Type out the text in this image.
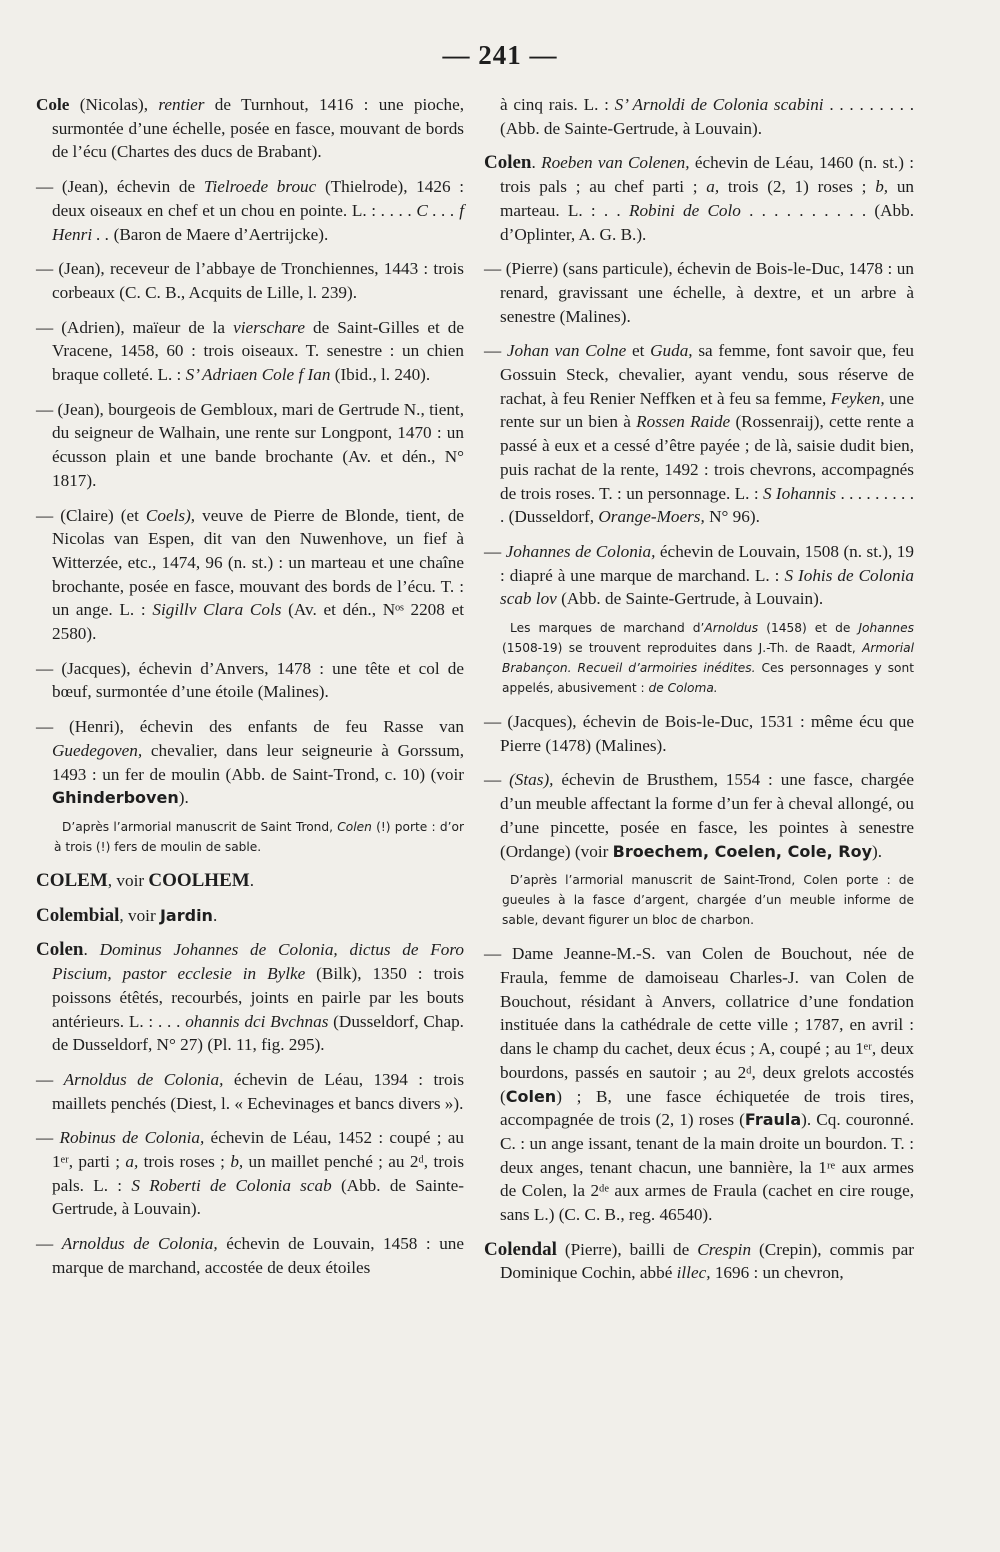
— 241 —
Cole (Nicolas), rentier de Turnhout, 1416 : une pioche, surmontée d’une échelle, posée en fasce, mouvant de bords de l’écu (Chartes des ducs de Brabant).
— (Jean), échevin de Tielroede brouc (Thielrode), 1426 : deux oiseaux en chef et un chou en pointe. L. : . . . . C . . . f Henri . . (Baron de Maere d’Aertrijcke).
— (Jean), receveur de l’abbaye de Tronchiennes, 1443 : trois corbeaux (C. C. B., Acquits de Lille, l. 239).
— (Adrien), maïeur de la vierschare de Saint-Gilles et de Vracene, 1458, 60 : trois oiseaux. T. senestre : un chien braque colleté. L. : S’ Adriaen Cole f Ian (Ibid., l. 240).
— (Jean), bourgeois de Gembloux, mari de Gertrude N., tient, du seigneur de Walhain, une rente sur Longpont, 1470 : un écusson plain et une bande brochante (Av. et dén., N° 1817).
— (Claire) (et Coels), veuve de Pierre de Blonde, tient, de Nicolas van Espen, dit van den Nuwenhove, un fief à Witterzée, etc., 1474, 96 (n. st.) : un marteau et une chaîne brochante, posée en fasce, mouvant des bords de l’écu. T. : un ange. L. : Sigillv Clara Cols (Av. et dén., Nᵒˢ 2208 et 2580).
— (Jacques), échevin d’Anvers, 1478 : une tête et col de bœuf, surmontée d’une étoile (Malines).
— (Henri), échevin des enfants de feu Rasse van Guedegoven, chevalier, dans leur seigneurie à Gorssum, 1493 : un fer de moulin (Abb. de Saint-Trond, c. 10) (voir Ghinderboven).
D’après l’armorial manuscrit de Saint Trond, Colen (!) porte : d’or à trois (!) fers de moulin de sable.
COLEM, voir COOLHEM.
Colembial, voir Jardin.
Colen. Dominus Johannes de Colonia, dictus de Foro Piscium, pastor ecclesie in Bylke (Bilk), 1350 : trois poissons étêtés, recourbés, joints en pairle par les bouts antérieurs. L. : . . . ohannis dci Bvchnas (Dusseldorf, Chap. de Dusseldorf, N° 27) (Pl. 11, fig. 295).
— Arnoldus de Colonia, échevin de Léau, 1394 : trois maillets penchés (Diest, l. « Echevinages et bancs divers »).
— Robinus de Colonia, échevin de Léau, 1452 : coupé ; au 1ᵉʳ, parti ; a, trois roses ; b, un maillet penché ; au 2ᵈ, trois pals. L. : S Roberti de Colonia scab (Abb. de Sainte-Gertrude, à Louvain).
— Arnoldus de Colonia, échevin de Louvain, 1458 : une marque de marchand, accostée de deux étoiles
à cinq rais. L. : S’ Arnoldi de Colonia scabini . . . . . . . . . (Abb. de Sainte-Gertrude, à Louvain).
Colen. Roeben van Colenen, échevin de Léau, 1460 (n. st.) : trois pals ; au chef parti ; a, trois (2, 1) roses ; b, un marteau. L. : . . Robini de Colo . . . . . . . . . . (Abb. d’Oplinter, A. G. B.).
— (Pierre) (sans particule), échevin de Bois-le-Duc, 1478 : un renard, gravissant une échelle, à dextre, et un arbre à senestre (Malines).
— Johan van Colne et Guda, sa femme, font savoir que, feu Gossuin Steck, chevalier, ayant vendu, sous réserve de rachat, à feu Renier Neffken et à feu sa femme, Feyken, une rente sur un bien à Rossen Raide (Rossenraij), cette rente a passé à eux et a cessé d’être payée ; de là, saisie dudit bien, puis rachat de la rente, 1492 : trois chevrons, accompagnés de trois roses. T. : un personnage. L. : S Iohannis . . . . . . . . . . (Dusseldorf, Orange-Moers, N° 96).
— Johannes de Colonia, échevin de Louvain, 1508 (n. st.), 19 : diapré à une marque de marchand. L. : S Iohis de Colonia scab lov (Abb. de Sainte-Gertrude, à Louvain).
Les marques de marchand d’Arnoldus (1458) et de Johannes (1508-19) se trouvent reproduites dans J.-Th. de Raadt, Armorial Brabançon. Recueil d’armoiries inédites. Ces personnages y sont appelés, abusivement : de Coloma.
— (Jacques), échevin de Bois-le-Duc, 1531 : même écu que Pierre (1478) (Malines).
— (Stas), échevin de Brusthem, 1554 : une fasce, chargée d’un meuble affectant la forme d’un fer à cheval allongé, ou d’une pincette, posée en fasce, les pointes à senestre (Ordange) (voir Broechem, Coelen, Cole, Roy).
D’après l’armorial manuscrit de Saint-Trond, Colen porte : de gueules à la fasce d’argent, chargée d’un meuble informe de sable, devant figurer un bloc de charbon.
— Dame Jeanne-M.-S. van Colen de Bouchout, née de Fraula, femme de damoiseau Charles-J. van Colen de Bouchout, résidant à Anvers, collatrice d’une fondation instituée dans la cathédrale de cette ville ; 1787, en avril : dans le champ du cachet, deux écus ; A, coupé ; au 1ᵉʳ, deux bourdons, passés en sautoir ; au 2ᵈ, deux grelots accostés (Colen) ; B, une fasce échiquetée de trois tires, accompagnée de trois (2, 1) roses (Fraula). Cq. couronné. C. : un ange issant, tenant de la main droite un bourdon. T. : deux anges, tenant chacun, une bannière, la 1ʳᵉ aux armes de Colen, la 2ᵈᵉ aux armes de Fraula (cachet en cire rouge, sans L.) (C. C. B., reg. 46540).
Colendal (Pierre), bailli de Crespin (Crepin), commis par Dominique Cochin, abbé illec, 1696 : un chevron,
